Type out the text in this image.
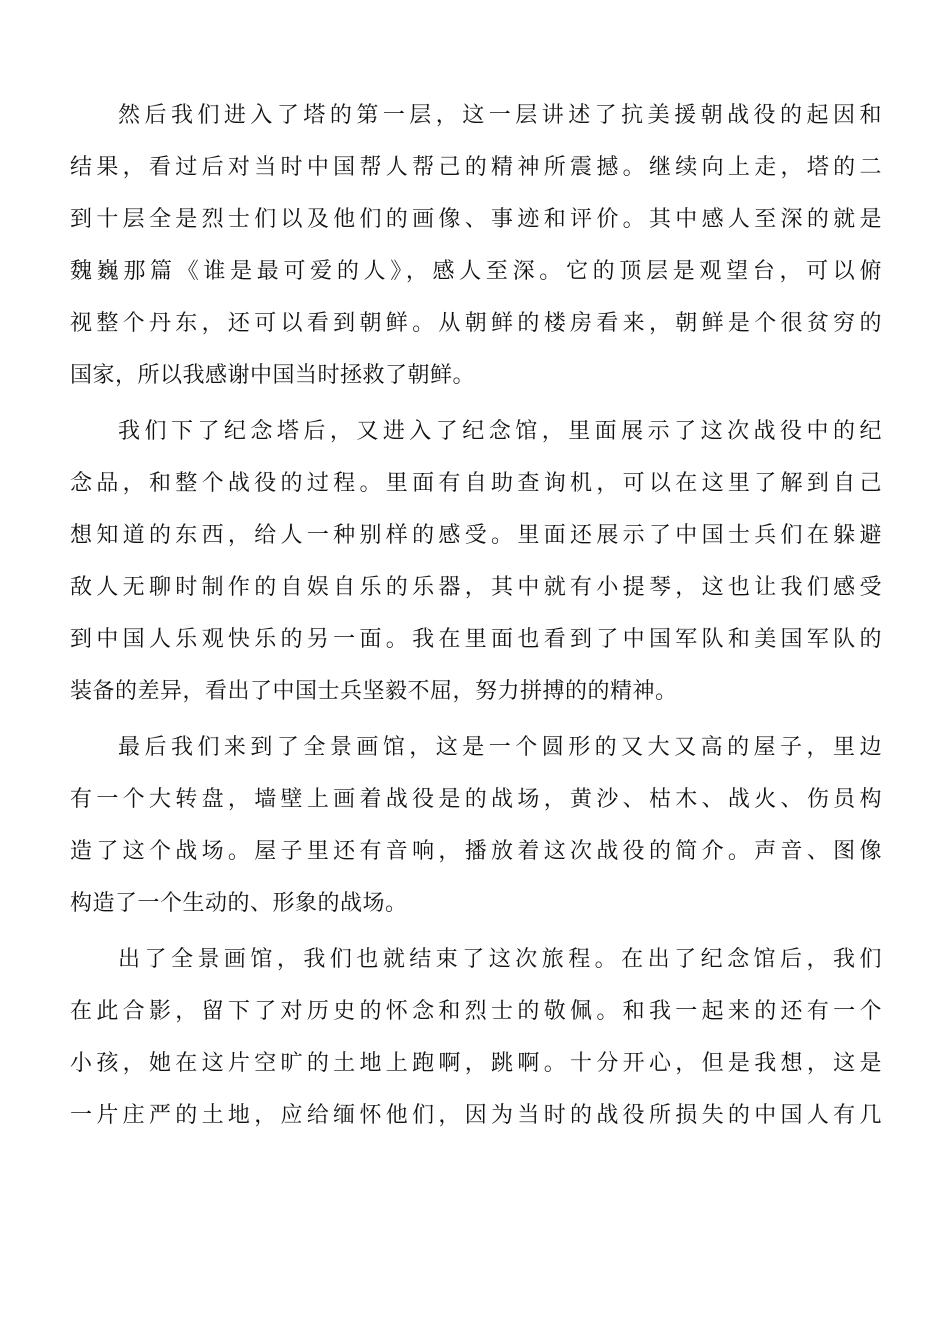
然后我们进入了塔的第一层，这一层讲述了抗美援朝战役的起因和
结果，看过后对当时中国帮人帮己的精神所震撼。继续向上走，塔的二
到十层全是烈士们以及他们的画像、事迹和评价。其中感人至深的就是
魏巍那篇《谁是最可爱的人》，感人至深。它的顶层是观望台，可以俯
视整个丹东，还可以看到朝鲜。从朝鲜的楼房看来，朝鲜是个很贫穷的
国家，所以我感谢中国当时拯救了朝鲜。
我们下了纪念塔后，又进入了纪念馆，里面展示了这次战役中的纪
念品，和整个战役的过程。里面有自助查询机，可以在这里了解到自己
想知道的东西，给人一种别样的感受。里面还展示了中国士兵们在躲避
敌人无聊时制作的自娱自乐的乐器，其中就有小提琴，这也让我们感受
到中国人乐观快乐的另一面。我在里面也看到了中国军队和美国军队的
装备的差异，看出了中国士兵坚毅不屈，努力拼搏的的精神。
最后我们来到了全景画馆，这是一个圆形的又大又高的屋子，里边
有一个大转盘，墙壁上画着战役是的战场，黄沙、枯木、战火、伤员构
造了这个战场。屋子里还有音响，播放着这次战役的简介。声音、图像
构造了一个生动的、形象的战场。
出了全景画馆，我们也就结束了这次旅程。在出了纪念馆后，我们
在此合影，留下了对历史的怀念和烈士的敬佩。和我一起来的还有一个
小孩，她在这片空旷的土地上跑啊，跳啊。十分开心，但是我想，这是
一片庄严的土地，应给缅怀他们，因为当时的战役所损失的中国人有几
